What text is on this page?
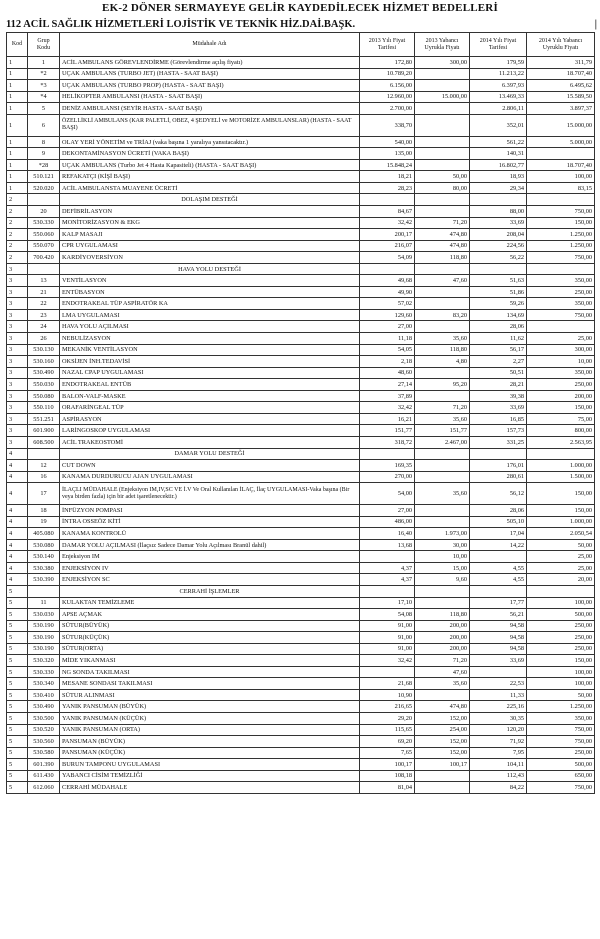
EK-2 DÖNER SERMAYEYE GELİR KAYDEDİLECEK HİZMET BEDELLERİ
112 ACİL SAĞLIK HİZMETLERİ LOJİSTİK VE TEKNİK HİZ.DAİ.BAŞK.	|
Kod	Grup Kodu	Müdahale Adı	2013 Yılı Fiyat Tarifesi	2013 Yabancı Uyrukla Fiyatı	2014 Yılı Fiyat Tarifesi	2014 Yılı Yabancı Uyruklu Fiyatı
1	1	ACİL AMBULANS GÖREVLENDİRME (Görevlendirme açılış fiyatı)	172,80	300,00	179,59	311,79
1	*2	UÇAK AMBULANS (TURBO JET) (HASTA - SAAT BAŞI)	10.789,20		11.213,22	18.707,40
1	*3	UÇAK AMBULANS (TURBO PROP) (HASTA - SAAT BAŞI)	6.156,00		6.397,93	6.495,62
1	*4	HELİKOPTER AMBULANSI (HASTA - SAAT BAŞI)	12.960,00	15.000,00	13.469,33	15.589,50
1	5	DENİZ AMBULANSI (SEYİR HASTA - SAAT BAŞI)	2.700,00		2.806,11	3.897,37
1	6	ÖZELLİKLİ AMBULANS (KAR PALETLİ, OBEZ, 4 ŞEDYELİ ve MOTORİZE AMBULANSLAR) (HASTA - SAAT BAŞI)	338,70		352,01	15.000,00
1	8	OLAY YERİ YÖNETİM ve TRİAJ (vaka başına 1 yaralıya yansıtacaktır.)	540,00		561,22	5.000,00
1	9	DEKONTAMİNASYON ÜCRETİ (VAKA BAŞI)	135,00		140,31	
1	*28	UÇAK AMBULANS (Turbo Jet 4 Hasta Kapasiteli) (HASTA - SAAT BAŞI)	15.848,24		16.802,77	18.707,40
1	510.121	REFAKATÇI (KİŞİ BAŞI)	18,21	50,00	18,93	100,00
1	520.020	ACİL AMBULANSTA MUAYENE ÜCRETİ	28,23	80,00	29,34	83,15
2		DOLAŞIM DESTEĞİ				
2	20	DEFİBRİLASYON	84,67		88,00	750,00
2	530.330	MONİTORİZASYON & EKG	32,42	71,20	33,69	150,00
2	550.060	KALP MASAJI	200,17	474,80	208,04	1.250,00
2	550.070	CPR UYGULAMASI	216,07	474,80	224,56	1.250,00
2	700.420	KARDİYOVERSİYON	54,09	118,80	56,22	750,00
3		HAVA YOLU DESTEĞİ				
3	13	VENTİLASYON	49,68	47,60	51,63	350,00
3	21	ENTÜBASYON	49,90		51,86	250,00
3	22	ENDOTRAKEAL TÜP ASPİRATÖR KA	57,02		59,26	350,00
3	23	LMA UYGULAMASI	129,60	83,20	134,69	750,00
3	24	HAVA YOLU AÇILMASI	27,00		28,06	
3	26	NEBULİZASYON	11,18	35,60	11,62	25,00
3	530.130	MEKANİK VENTİLASYON	54,05	118,80	56,17	300,00
3	530.160	OKSİJEN İNH.TEDAVİSİ	2,18	4,80	2,27	10,00
3	530.490	NAZAL CPAP UYGULAMASI	48,60		50,51	350,00
3	550.030	ENDOTRAKEAL ENTÜB	27,14	95,20	28,21	250,00
3	550.080	BALON-VALF-MASKE	37,89		39,38	200,00
3	550.110	ORAFARİNGEAL TÜP	32,42	71,20	33,69	150,00
3	551.251	ASPİRASYON	16,21	35,60	16,85	75,00
3	601.900	LARİNGOSKOP UYGULAMASI	151,77	151,77	157,73	800,00
3	608.500	ACİL TRAKEOSTOMİ	318,72	2.467,00	331,25	2.563,95
4		DAMAR YOLU DESTEĞİ				
4	12	CUT DOWN	169,35		176,01	1.000,00
4	16	KANAMA DURDURUCU AJAN UYGULAMASI	270,00		280,61	1.500,00
4	17	İLAÇLI MÜDAHALE (Enjeksiyon IM,IV,SC VE İ.V Ve Oral Kullanılan İLAÇ, İlaç UYGULAMASI-Vaka başına (Bir veya birden fazla) için bir adet işaretlenecektir.)	54,00	35,60	56,12	150,00
4	18	İNFÜZYON POMPASI	27,00		28,06	150,00
4	19	İNTRA OSSEÖZ KİTİ	486,00		505,10	1.000,00
4	405.080	KANAMA KONTROLÜ	16,40	1.973,00	17,04	2.050,54
4	530.080	DAMAR YOLU AÇILMASI (İlaçsız Sadece Damar Yolu Açılması Branül dahil)	13,68	30,00	14,22	50,00
4	530.140	Enjeksiyon IM		10,00		25,00
4	530.380	ENJEKSİYON IV	4,37	15,00	4,55	25,00
4	530.390	ENJEKSİYON SC	4,37	9,60	4,55	20,00
5		CERRAHİ İŞLEMLER				
5	11	KULAKTAN TEMİZLEME	17,10		17,77	100,00
5	530.030	APSE AÇMAK	54,08	118,80	56,21	500,00
5	530.190	SÜTUR(BÜYÜK)	91,00	200,00	94,58	250,00
5	530.190	SÜTUR(KÜÇÜK)	91,00	200,00	94,58	250,00
5	530.190	SÜTUR(ORTA)	91,00	200,00	94,58	250,00
5	530.320	MİDE YIKANMASI	32,42	71,20	33,69	150,00
5	530.330	NG SONDA TAKILMASI		47,60		100,00
5	530.340	MESANE SONDASI TAKILMASI	21,68	35,60	22,53	100,00
5	530.410	SÜTUR ALINMASI	10,90		11,33	50,00
5	530.490	YANIK PANSUMAN (BÜYÜK)	216,65	474,80	225,16	1.250,00
5	530.500	YANIK PANSUMAN (KÜÇÜK)	29,20	152,00	30,35	350,00
5	530.520	YANIK PANSUMAN (ORTA)	115,65	254,00	120,20	750,00
5	530.560	PANSUMAN (BÜYÜK)	69,20	152,00	71,92	750,00
5	530.580	PANSUMAN (KÜÇÜK)	7,65	152,00	7,95	250,00
5	601.390	BURUN TAMPONU UYGULAMASI	100,17	100,17	104,11	500,00
5	611.430	YABANCI CİSİM TEMİZLİĞİ	108,18		112,43	650,00
5	612.060	CERRAHİ MÜDAHALE	81,04		84,22	750,00
